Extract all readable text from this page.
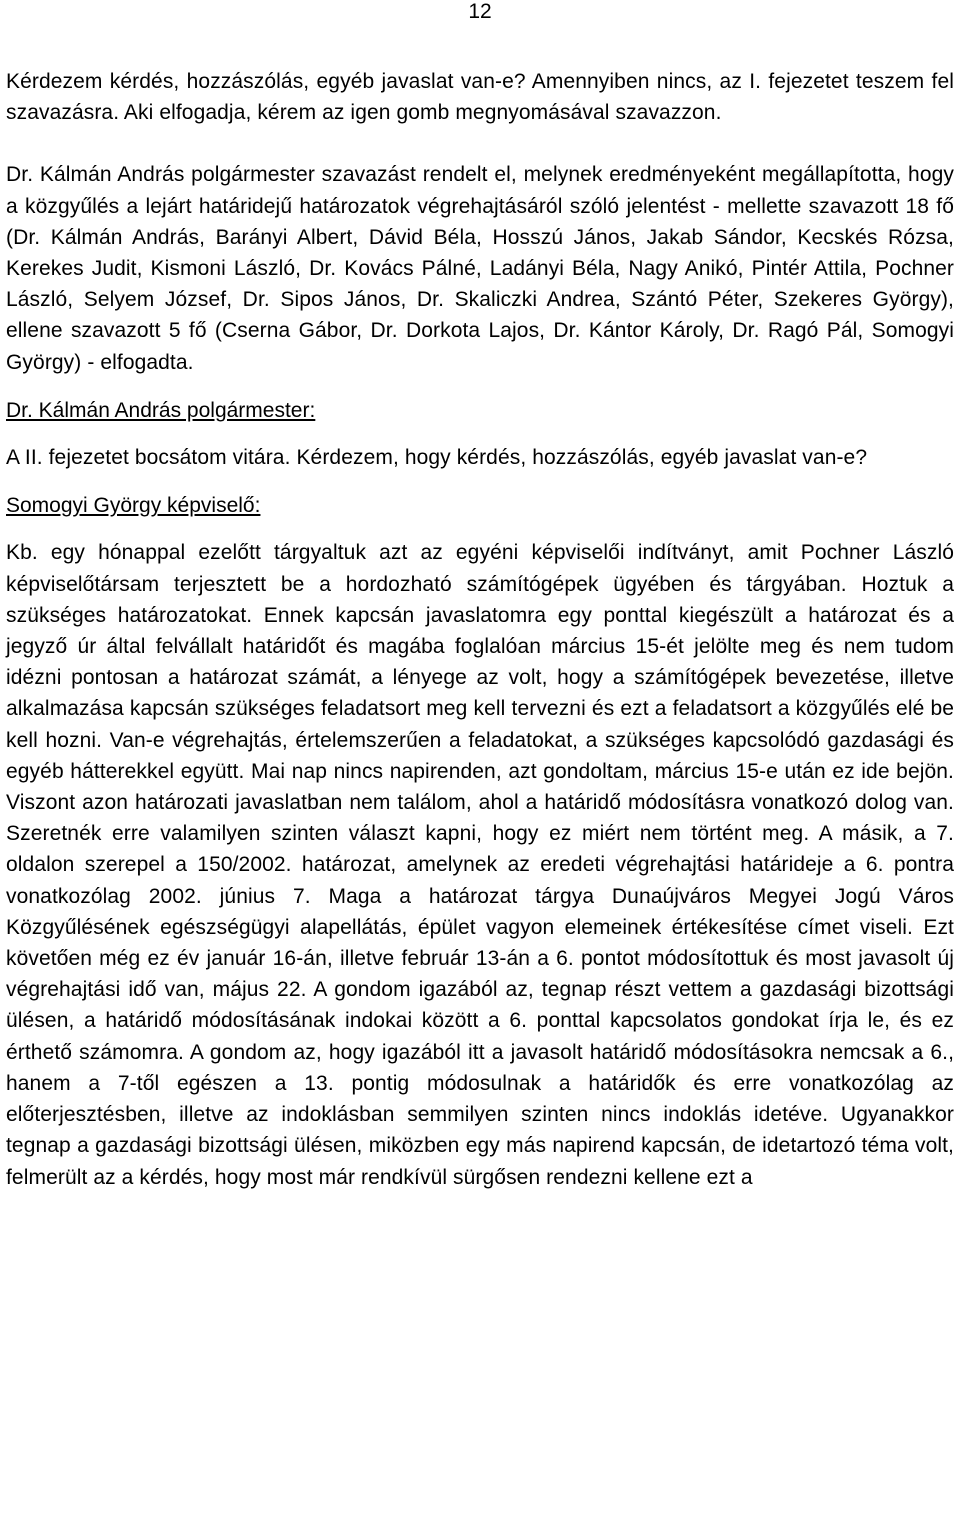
12

Kérdezem kérdés, hozzászólás, egyéb javaslat van-e? Amennyiben nincs, az I. fejezetet teszem fel szavazásra. Aki elfogadja, kérem az igen gomb megnyomásával szavazzon.

Dr. Kálmán András polgármester szavazást rendelt el, melynek eredményeként megállapította, hogy a közgyűlés a lejárt határidejű határozatok végrehajtásáról szóló jelentést - mellette szavazott 18 fő (Dr. Kálmán András, Barányi Albert, Dávid Béla, Hosszú János, Jakab Sándor, Kecskés Rózsa, Kerekes Judit, Kismoni László, Dr. Kovács Pálné, Ladányi Béla, Nagy Anikó, Pintér Attila, Pochner László, Selyem József, Dr. Sipos János, Dr. Skaliczki Andrea, Szántó Péter, Szekeres György), ellene szavazott 5 fő (Cserna Gábor, Dr. Dorkota Lajos, Dr. Kántor Károly, Dr. Ragó Pál, Somogyi György) - elfogadta.

Dr. Kálmán András polgármester:

A II. fejezetet bocsátom vitára. Kérdezem, hogy kérdés, hozzászólás, egyéb javaslat van-e?

Somogyi György képviselő:

Kb. egy hónappal ezelőtt tárgyaltuk azt az egyéni képviselői indítványt, amit Pochner László képviselőtársam terjesztett be a hordozható számítógépek ügyében és tárgyában. Hoztuk a szükséges határozatokat. Ennek kapcsán javaslatomra egy ponttal kiegészült a határozat és a jegyző úr által felvállalt határidőt és magába foglalóan március 15-ét jelölte meg és nem tudom idézni pontosan a határozat számát, a lényege az volt, hogy a számítógépek bevezetése, illetve alkalmazása kapcsán szükséges feladatsort meg kell tervezni és ezt a feladatsort a közgyűlés elé be kell hozni. Van-e végrehajtás, értelemszerűen a feladatokat, a szükséges kapcsolódó gazdasági és egyéb hátterekkel együtt. Mai nap nincs napirenden, azt gondoltam, március 15-e után ez ide bejön. Viszont azon határozati javaslatban nem találom, ahol a határidő módosításra vonatkozó dolog van. Szeretnék erre valamilyen szinten választ kapni, hogy ez miért nem történt meg. A másik, a 7. oldalon szerepel a 150/2002. határozat, amelynek az eredeti végrehajtási határideje a 6. pontra vonatkozólag 2002. június 7. Maga a határozat tárgya Dunaújváros Megyei Jogú Város Közgyűlésének egészségügyi alapellátás, épület vagyon elemeinek értékesítése címet viseli. Ezt követően még ez év január 16-án, illetve február 13-án a 6. pontot módosítottuk és most javasolt új végrehajtási idő van, május 22. A gondom igazából az, tegnap részt vettem a gazdasági bizottsági ülésen, a határidő módosításának indokai között a 6. ponttal kapcsolatos gondokat írja le, és ez érthető számomra. A gondom az, hogy igazából itt a javasolt határidő módosításokra nemcsak a 6., hanem a 7-től egészen a 13. pontig módosulnak a határidők és erre vonatkozólag az előterjesztésben, illetve az indoklásban semmilyen szinten nincs indoklás idetéve. Ugyanakkor tegnap a gazdasági bizottsági ülésen, miközben egy más napirend kapcsán, de idetartozó téma volt, felmerült az a kérdés, hogy most már rendkívül sürgősen rendezni kellene ezt a
